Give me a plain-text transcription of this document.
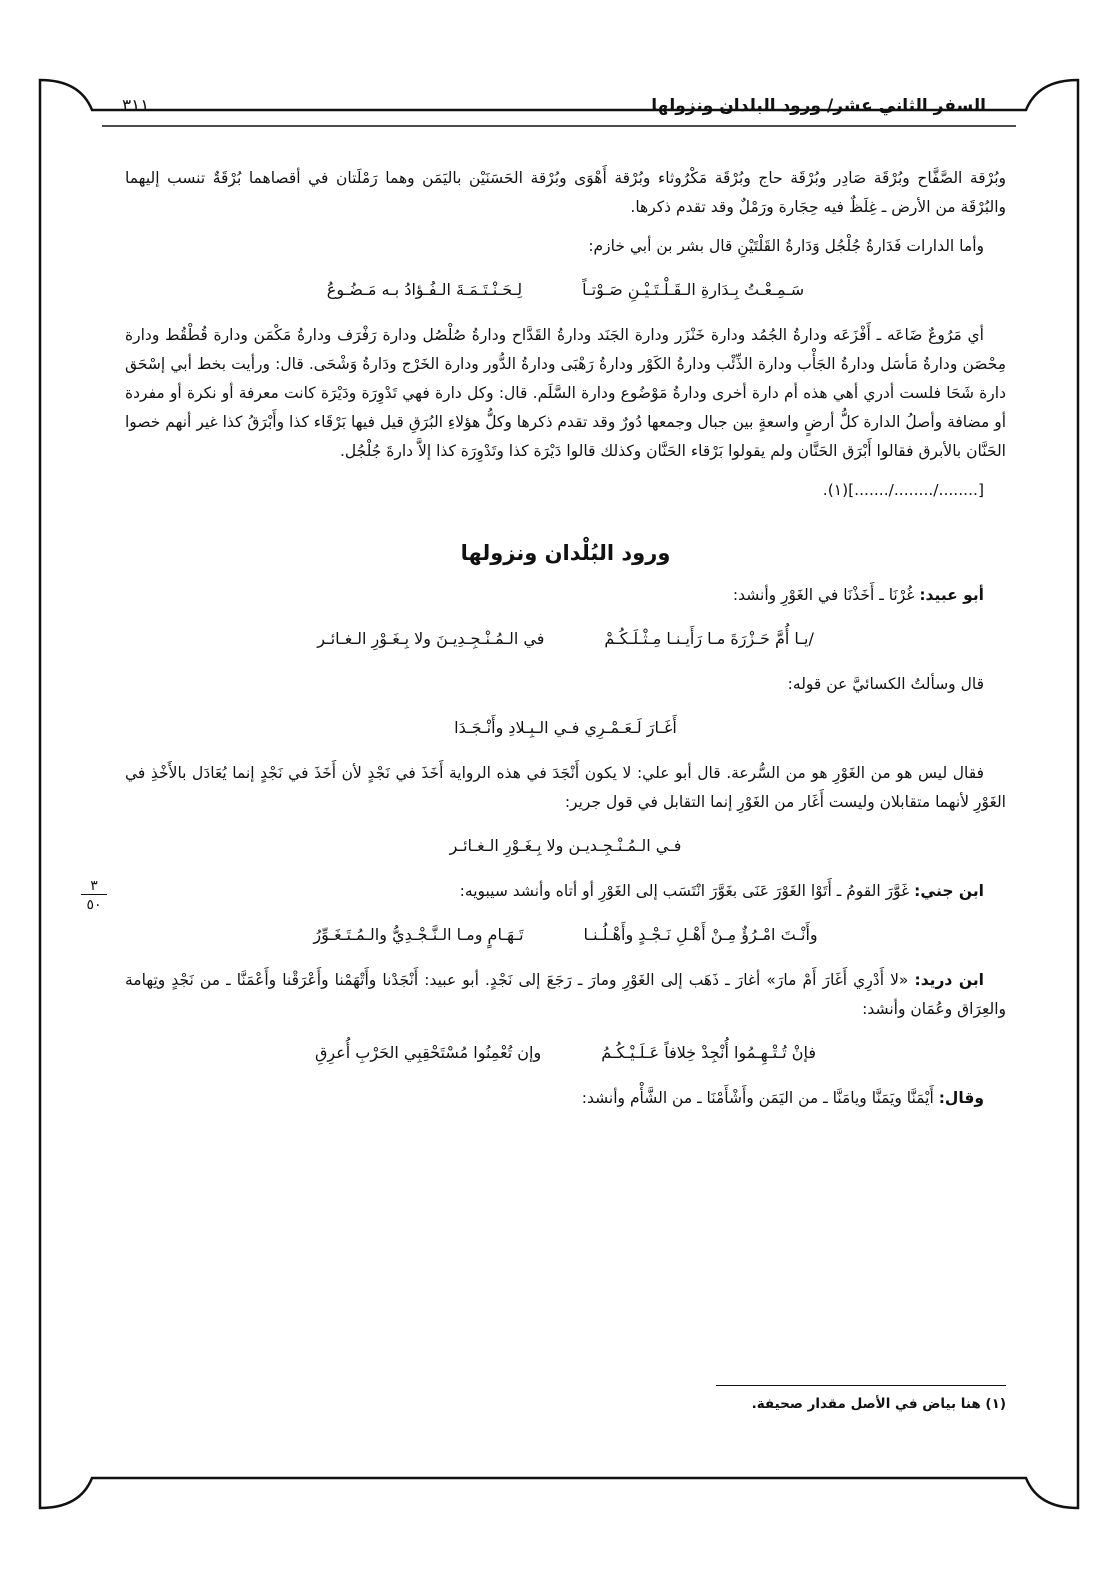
٣١١	السفر الثاني عشر/ ورود البلدان ونزولها
٣
٥٠

وبُرْقة الصَّفَّاح وبُرْقَة صَادِر وبُرْقَة حاج وبُرْقَة مَكْرُوثاء وبُرْقة أَهْوَى وبُرْقة الحَسَنَيْن باليَمَن وهما رَمْلَتان في أقصاهما بُرْقَةٌ تنسب إليهما والبُرْقَة من الأرض ـ غِلَظٌ فيه حِجَارة ورَمْلٌ وقد تقدم ذكرها.

وأما الدارات فَدَارةُ جُلْجُل وَدَارةُ القَلْتَيْنِ قال بشر بن أبي خازم:

سَـمِـعْـتُ بِـدَارةِ الـقَـلْـتَـيْـنِ صَـوْتـاً
لِـحَـنْـتَـمَـةَ الـفُـؤادُ بـه مَـضُـوعُ

أي مَرُوعٌ ضَاعَه ـ أَفْزَعَه ودارةُ الجُمُد ودارة خَنْزَر ودارة الجَنَد ودارةُ القَدَّاح ودارةُ صُلْصُل ودارة رَفْرَف ودارةُ مَكْمَن ودارة قُطْقُط ودارة مِحْصَن ودارةُ مَأسَل ودارةُ الجَأْب ودارة الذِّئْب ودارةُ الكَوْر ودارةُ رَهْبَى ودارةُ الدُّور ودارة الخَرْج ودَارةُ وَشْحَى. قال: ورأيت بخط أبي إسْحَق دارة شَحَا فلست أدري أهي هذه أم دارة أخرى ودارةُ مَوْضُوع ودارة السَّلَم. قال: وكل دارة فهي تَدْوِرَة ودَيْرَة كانت معرفة أو نكرة أو مفردة أو مضافة وأصلُ الدارة كلُّ أرضٍ واسعةٍ بين جبال وجمعها دُورٌ وقد تقدم ذكرها وكلُّ هؤلاءِ البُرَقِ قيل فيها بَرْقَاء كذا وأَبْرَقُ كذا غير أنهم خصوا الحَنَّان بالأبرق فقالوا أَبْرَق الحَنَّان ولم يقولوا بَرْقاء الحَنَّان وكذلك قالوا دَيْرَة كذا وتَدْوِرَة كذا إلاَّ دارةَ جُلْجُل.

[......../......../.......](١).

ورود البُلْدان ونزولها

أبو عبيد: غُرْنَا ـ أَخَذْنَا في الغَوْرِ وأنشد:

/يـا أُمَّ حَـزْرَةَ مـا رَأَيـنـا مِـثْـلَـكُـمْ
في الـمُـنْـجِـدِيـنَ ولا بِـغَـوْرِ الـغـائـر

قال وسألتُ الكسائيَّ عن قوله:

أَغَـارَ لَـعَـمْـرِي فـي الـبِـلادِ وأَنْـجَـدَا

فقال ليس هو من الغَوْرِ هو من السُّرعة. قال أبو علي: لا يكون أَنْجَدَ في هذه الرواية أَخَذَ في نَجْدٍ لأن أَخَذَ في نَجْدٍ إنما يُعَادَل بالأَخْذِ في الغَوْرِ لأنهما متقابلان وليست أَغَار من الغَوْرِ إنما التقابل في قول جرير:

فـي الـمُـنْـجِـديـن ولا بِـغَـوْرِ الـغـائـر

ابن جني: غَوَّرَ القومُ ـ أَتَوْا الغَوْرَ عَنَى بغَوَّرَ انْتَسَب إلى الغَوْرِ أو أتاه وأنشد سيبويه:

وأَنْـتَ امْـرُؤٌ مِـنْ أَهْـلِ نَـجْـدٍ وأَهْـلُـنـا
تَـهَـامٍ ومـا الـنَّـجْـدِيُّ والـمُـتَـغَـوِّرُ

ابن دريد: «لا أَدْرِي أَغَارَ أَمْ مارَ» أغارَ ـ ذَهَب إلى الغَوْرِ ومارَ ـ رَجَعَ إلى نَجْدٍ. أبو عبيد: أَنْجَدْنا وأَتْهَمْنا وأَعْرَقْنا وأَعْمَنَّا ـ من نَجْدٍ وتِهامة والعِرَاق وعُمَان وأنشد:

فإنْ تُـتْـهِـمُوا أُنْجِدْ خِلافاً عَـلَـيْـكُـمُ
وإن تُعْمِنُوا مُسْتَحْقِبِي الحَرْبِ أُعرِقِ

وقال: أَيْمَنَّا ويَمَنَّا ويامَنَّا ـ من اليَمَن وأَشْأَمْنَا ـ من الشَّأْم وأنشد:

(١) هنا بياض في الأصل مقدار صحيفة.
